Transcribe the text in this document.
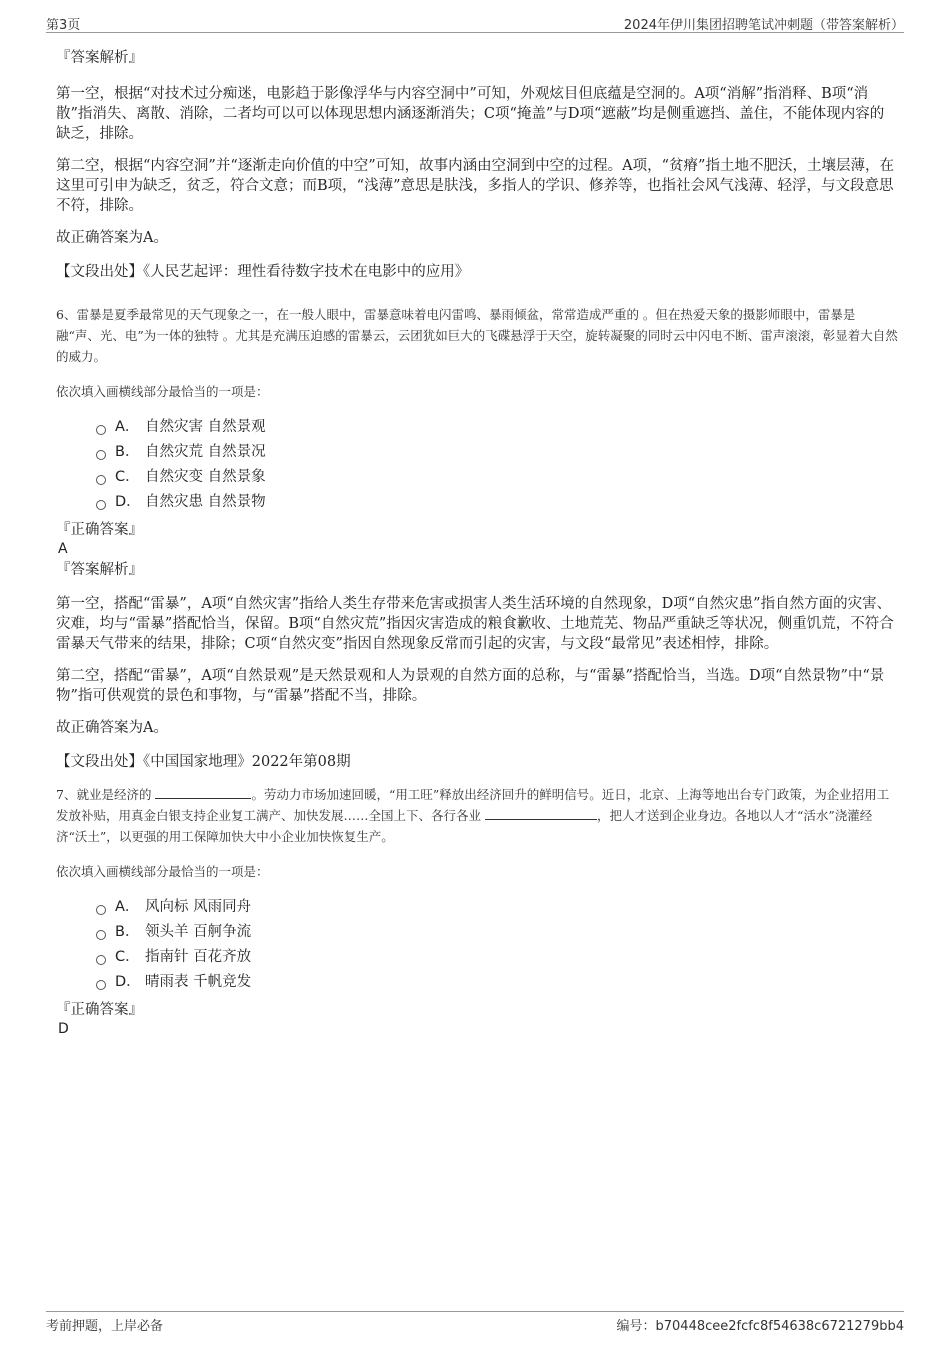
第3页	2024年伊川集团招聘笔试冲刺题（带答案解析）

『答案解析』

第一空，根据“对技术过分痴迷，电影趋于影像浮华与内容空洞中”可知，外观炫目但底蕴是空洞的。A项“消解”指消释、B项“消散”指消失、离散、消除，二者均可以可以体现思想内涵逐渐消失；C项“掩盖”与D项“遮蔽”均是侧重遮挡、盖住，不能体现内容的缺乏，排除。

第二空，根据“内容空洞”并“逐渐走向价值的中空”可知，故事内涵由空洞到中空的过程。A项，“贫瘠”指土地不肥沃，土壤层薄，在这里可引申为缺乏，贫乏，符合文意；而B项，“浅薄”意思是肤浅，多指人的学识、修养等，也指社会风气浅薄、轻浮，与文段意思不符，排除。

故正确答案为A。

【文段出处】《人民艺起评：理性看待数字技术在电影中的应用》

6、雷暴是夏季最常见的天气现象之一，在一般人眼中，雷暴意味着电闪雷鸣、暴雨倾盆，常常造成严重的 。但在热爱天象的摄影师眼中，雷暴是融“声、光、电”为一体的独特 。尤其是充满压迫感的雷暴云，云团犹如巨大的飞碟悬浮于天空，旋转凝聚的同时云中闪电不断、雷声滚滚，彰显着大自然的威力。

依次填入画横线部分最恰当的一项是：

A． 自然灾害 自然景观
B． 自然灾荒 自然景况
C． 自然灾变 自然景象
D． 自然灾患 自然景物

『正确答案』

A

『答案解析』

第一空，搭配“雷暴”，A项“自然灾害”指给人类生存带来危害或损害人类生活环境的自然现象，D项“自然灾患”指自然方面的灾害、灾难，均与“雷暴”搭配恰当，保留。B项“自然灾荒”指因灾害造成的粮食歉收、土地荒芜、物品严重缺乏等状况，侧重饥荒，不符合雷暴天气带来的结果，排除；C项“自然灾变”指因自然现象反常而引起的灾害，与文段“最常见”表述相悖，排除。

第二空，搭配“雷暴”，A项“自然景观”是天然景观和人为景观的自然方面的总称，与“雷暴”搭配恰当，当选。D项“自然景物”中“景物”指可供观赏的景色和事物，与“雷暴”搭配不当，排除。

故正确答案为A。

【文段出处】《中国国家地理》2022年第08期

7、就业是经济的	。劳动力市场加速回暖，“用工旺”释放出经济回升的鲜明信号。近日，北京、上海等地出台专门政策，为企业招用工发放补贴，用真金白银支持企业复工满产、加快发展……全国上下、各行各业	，把人才送到企业身边。各地以人才“活水”浇灌经济“沃土”，以更强的用工保障加快大中小企业加快恢复生产。

依次填入画横线部分最恰当的一项是：

A． 风向标 风雨同舟
B． 领头羊 百舸争流
C． 指南针 百花齐放
D． 晴雨表 千帆竞发

『正确答案』

D

考前押题，上岸必备	编号：b70448cee2fcfc8f54638c6721279bb4
